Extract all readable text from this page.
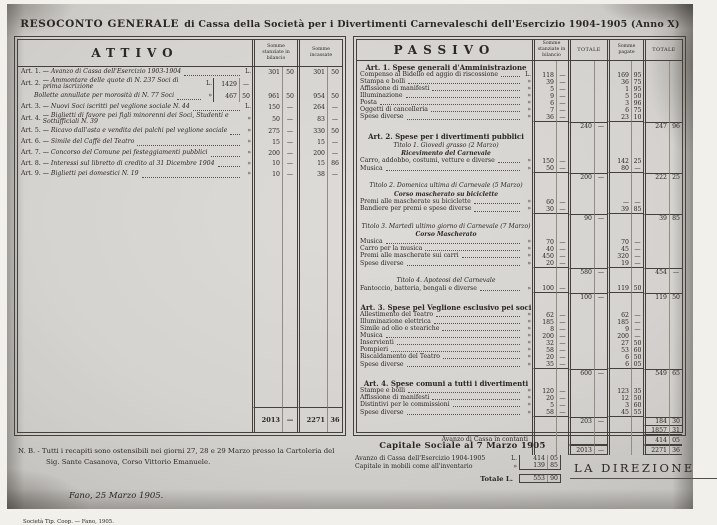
RESOCONTO GENERALE di Cassa della Società per i Divertimenti Carnevaleschi dell'Esercizio 1904-1905 (Anno X)
ATTIVO	Somme stanziate in bilancio
Somme incassate
Art. 1. — Avanzo di Cassa dell'Esercizio 1903-1904	L.	301 50	301 50
Art. 2. — Ammontare delle quote di N. 237 Soci di prima iscrizione	L.	1429 —
Bollette annullate per morosità di N. 77 Soci	»	467 50	961 50	954 50
Art. 3. — Nuovi Soci iscritti pel veglione sociale N. 44	L.	150	—	264	—
Art. 4. — Biglietti di favore pei figli minorenni dei Soci, Studenti e Sottufficiali N. 39	»	50	—	83	—
Art. 5. — Ricavo dall'asta e vendita dei palchi pel veglione sociale	»	275	—	330 50
Art. 6. — Simile del Caffè del Teatro	»	15	—	15	—
Art. 7. — Concorso del Comune pei festeggiamenti pubblici	»	200	—	200	—
Art. 8. — Interessi sul libretto di credito al 31 Dicembre 1904	»	10	—	15 86
Art. 9. — Biglietti pei domestici N. 19	»	10	—	38	—
2013	—	2271 36
N. B. - Tutti i recapiti sono ostensibili nei giorni 27, 28 e 29 Marzo presso la Cartoleria del Sig. Sante Casanova, Corso Vittorio Emanuele.
Fano, 25 Marzo 1905.
Società Tip. Coop. — Fano, 1905.
PASSIVO	Somme stanziate in bilancio
TOTALE
Somme pagate	TOTALE
Art. 1. Spese generali d'Amministrazione
Compenso al Bidello ed aggio di riscossione	L.	118 —	169 95
Stampa e bolli	»	39 —	36 75
Affissione di manifesti	»	5 —	1 95
Illuminazione	»	9 —	5 50
Posta	»	6 —	3 96
Oggetti di cancelleria	»	7 —	6 75
Spese diverse	»	36 —	23 10
240 —	247 96
Art. 2. Spese per i divertimenti pubblici
Titolo 1. Giovedì grasso (2 Marzo)
Ricevimento del Carnevale
Carro, addobbo, costumi, vetture e diverse	»	150 —	142 25
Musica	»	50 —	80 —
200 —	222 25
Titolo 2. Domenica ultima di Carnevale (5 Marzo)
Corso mascherato su biciclette
Premi alle mascherate su biciclette	»	60 —	— —
Bandiere per premi e spese diverse	»	30 —	39 85
90 —	39 85
Titolo 3. Martedì ultimo giorno di Carnevale (7 Marzo)
Corso Mascherato
Musica	»	70 —	70 —
Carro per la musica	»	40 —	45 —
Premi alle mascherate sui carri	»	450 —	320 —
Spese diverse	»	20 —	19 —
580 —	454 —
Titolo 4. Apoteosi del Carnevale
Fantoccio, batteria, bengali e diverse	»	100 —	119 50
100 —	119 50
Art. 3. Spese pel Veglione esclusivo pei soci
Allestimento del Teatro	»	62 —	62 —
Illuminazione elettrica	»	185 —	185 —
Simile ad olio e steariche	»	8 —	9 —
Musica	»	200 —	200 —
Inservienti	»	32 —	27 50
Pompieri	»	58 —	53 60
Riscaldamento del Teatro	»	20 —	6 50
Spese diverse	»	35 —	6 05
600 —	549 65
Art. 4. Spese comuni a tutti i divertimenti
Stampe e bolli	»	120 —	123 35
Affissione di manifesti	»	20 —	12 50
Distintivi per le commissioni	»	5 —	3 60
Spese diverse	»	58 —	45 55
203 —	184 30
1857 31
Avanzo di Cassa in contanti	414 05
2013 —	2271 36
Capitale Sociale al 7 Marzo 1905
Avanzo di Cassa dell'Esercizio 1904-1905	L.	414 05
Capitale in mobili come all'inventario	»	139 85
Totale L.	553 90
LA DIREZIONE
